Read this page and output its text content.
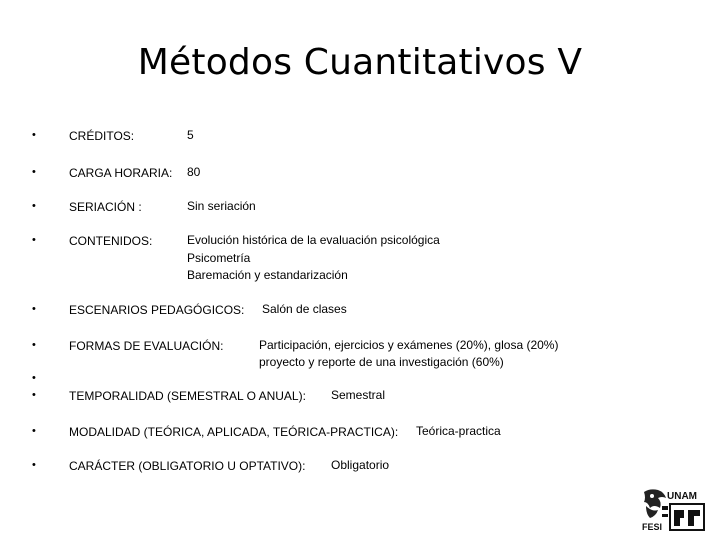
Métodos Cuantitativos V
•
•
•
•
•
•
•
•
•
•
CRÉDITOS:	5
CARGA HORARIA: 80
SERIACIÓN :	Sin seriación
CONTENIDOS:	Evolución histórica de la evaluación psicológica
Psicometría
Baremación y estandarización
ESCENARIOS PEDAGÓGICOS: Salón de clases
FORMAS DE EVALUACIÓN:	Participación, ejercicios y exámenes (20%), glosa (20%)
proyecto y reporte de una investigación (60%)
TEMPORALIDAD (SEMESTRAL O ANUAL): Semestral
MODALIDAD (TEÓRICA, APLICADA, TEÓRICA-PRACTICA): Teórica-practica
CARÁCTER (OBLIGATORIO U OPTATIVO): Obligatorio
UNAM
FESI
